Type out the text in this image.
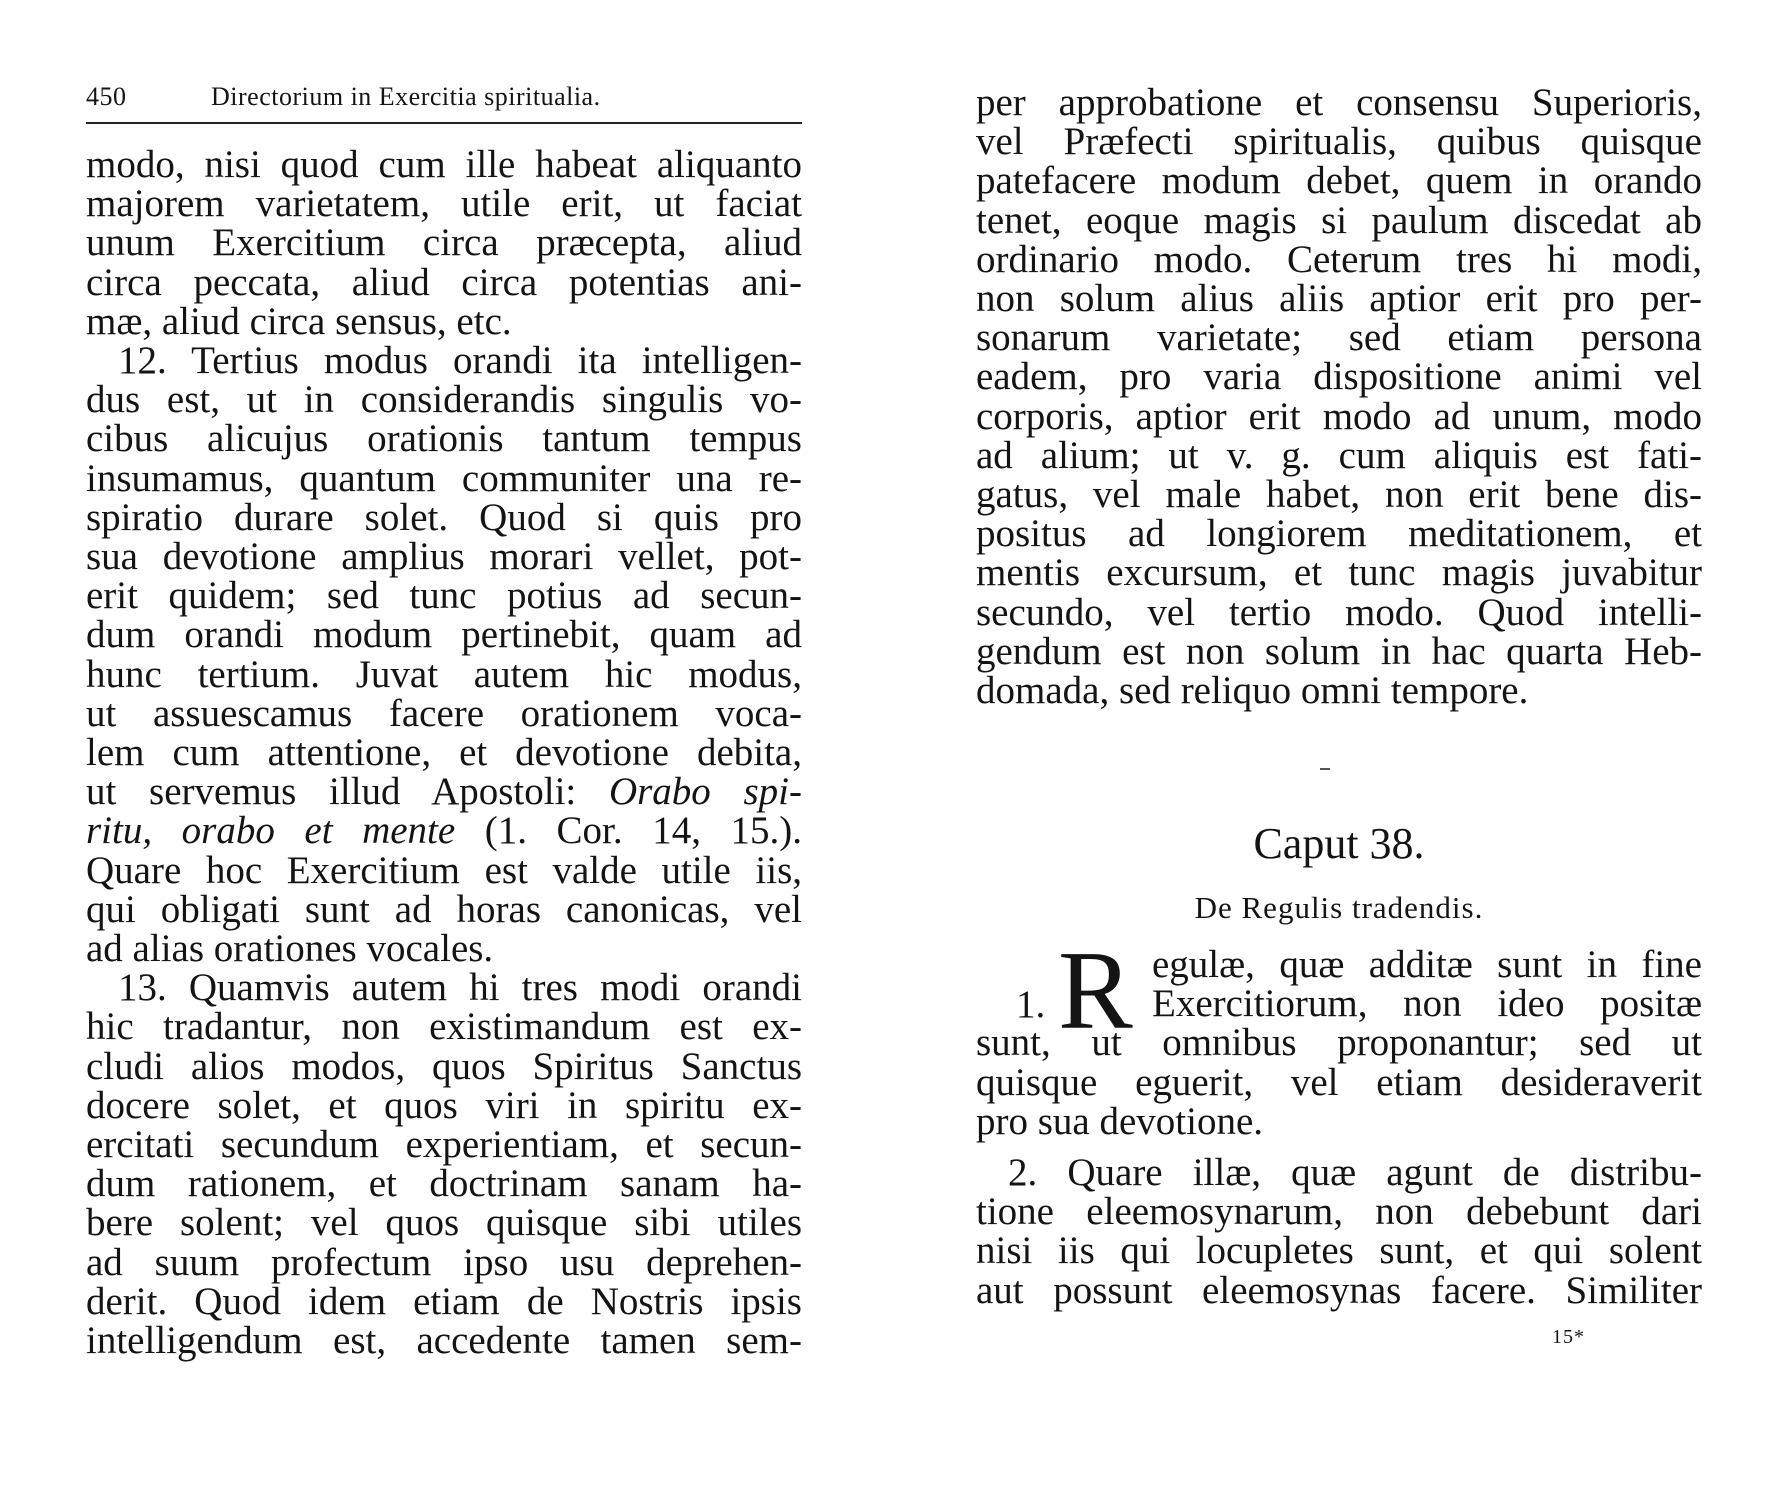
450	Directorium in Exercitia spiritualia.
modo, nisi quod cum ille habeat aliquanto
majorem varietatem, utile erit, ut faciat
unum Exercitium circa præcepta, aliud
circa peccata, aliud circa potentias ani-
mæ, aliud circa sensus, etc.
12. Tertius modus orandi ita intelligen-
dus est, ut in considerandis singulis vo-
cibus alicujus orationis tantum tempus
insumamus, quantum communiter una re-
spiratio durare solet. Quod si quis pro
sua devotione amplius morari vellet, pot-
erit quidem; sed tunc potius ad secun-
dum orandi modum pertinebit, quam ad
hunc tertium. Juvat autem hic modus,
ut assuescamus facere orationem voca-
lem cum attentione, et devotione debita,
ut servemus illud Apostoli: Orabo spi-
ritu, orabo et mente (1. Cor. 14, 15.).
Quare hoc Exercitium est valde utile iis,
qui obligati sunt ad horas canonicas, vel
ad alias orationes vocales.
13. Quamvis autem hi tres modi orandi
hic tradantur, non existimandum est ex-
cludi alios modos, quos Spiritus Sanctus
docere solet, et quos viri in spiritu ex-
ercitati secundum experientiam, et secun-
dum rationem, et doctrinam sanam ha-
bere solent; vel quos quisque sibi utiles
ad suum profectum ipso usu deprehen-
derit. Quod idem etiam de Nostris ipsis
intelligendum est, accedente tamen sem-
per approbatione et consensu Superioris,
vel Præfecti spiritualis, quibus quisque
patefacere modum debet, quem in orando
tenet, eoque magis si paulum discedat ab
ordinario modo. Ceterum tres hi modi,
non solum alius aliis aptior erit pro per-
sonarum varietate; sed etiam persona
eadem, pro varia dispositione animi vel
corporis, aptior erit modo ad unum, modo
ad alium; ut v. g. cum aliquis est fati-
gatus, vel male habet, non erit bene dis-
positus ad longiorem meditationem, et
mentis excursum, et tunc magis juvabitur
secundo, vel tertio modo. Quod intelli-
gendum est non solum in hac quarta Heb-
domada, sed reliquo omni tempore.
Caput 38.
De Regulis tradendis.
1. R egulæ, quæ additæ sunt in fine
Exercitiorum, non ideo positæ
sunt, ut omnibus proponantur; sed ut
quisque eguerit, vel etiam desideraverit
pro sua devotione.
2. Quare illæ, quæ agunt de distribu-
tione eleemosynarum, non debebunt dari
nisi iis qui locupletes sunt, et qui solent
aut possunt eleemosynas facere. Similiter
15*
